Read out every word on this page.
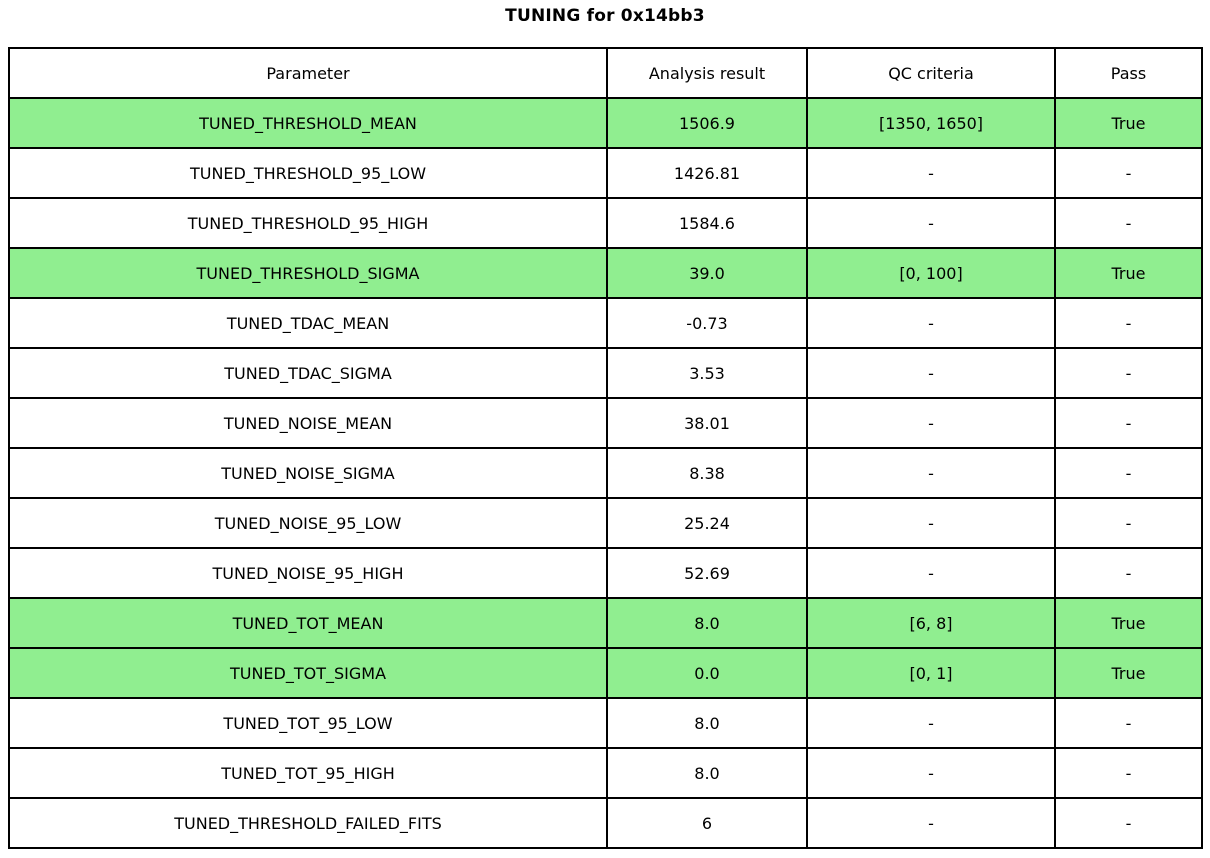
TUNING for 0x14bb3
Parameter	Analysis result	QC criteria	Pass
TUNED_THRESHOLD_MEAN	1506.9	[1350, 1650]	True
TUNED_THRESHOLD_95_LOW	1426.81	-	-
TUNED_THRESHOLD_95_HIGH	1584.6	-	-
TUNED_THRESHOLD_SIGMA	39.0	[0, 100]	True
TUNED_TDAC_MEAN	-0.73	-	-
TUNED_TDAC_SIGMA	3.53	-	-
TUNED_NOISE_MEAN	38.01	-	-
TUNED_NOISE_SIGMA	8.38	-	-
TUNED_NOISE_95_LOW	25.24	-	-
TUNED_NOISE_95_HIGH	52.69	-	-
TUNED_TOT_MEAN	8.0	[6, 8]	True
TUNED_TOT_SIGMA	0.0	[0, 1]	True
TUNED_TOT_95_LOW	8.0	-	-
TUNED_TOT_95_HIGH	8.0	-	-
TUNED_THRESHOLD_FAILED_FITS	6	-	-
